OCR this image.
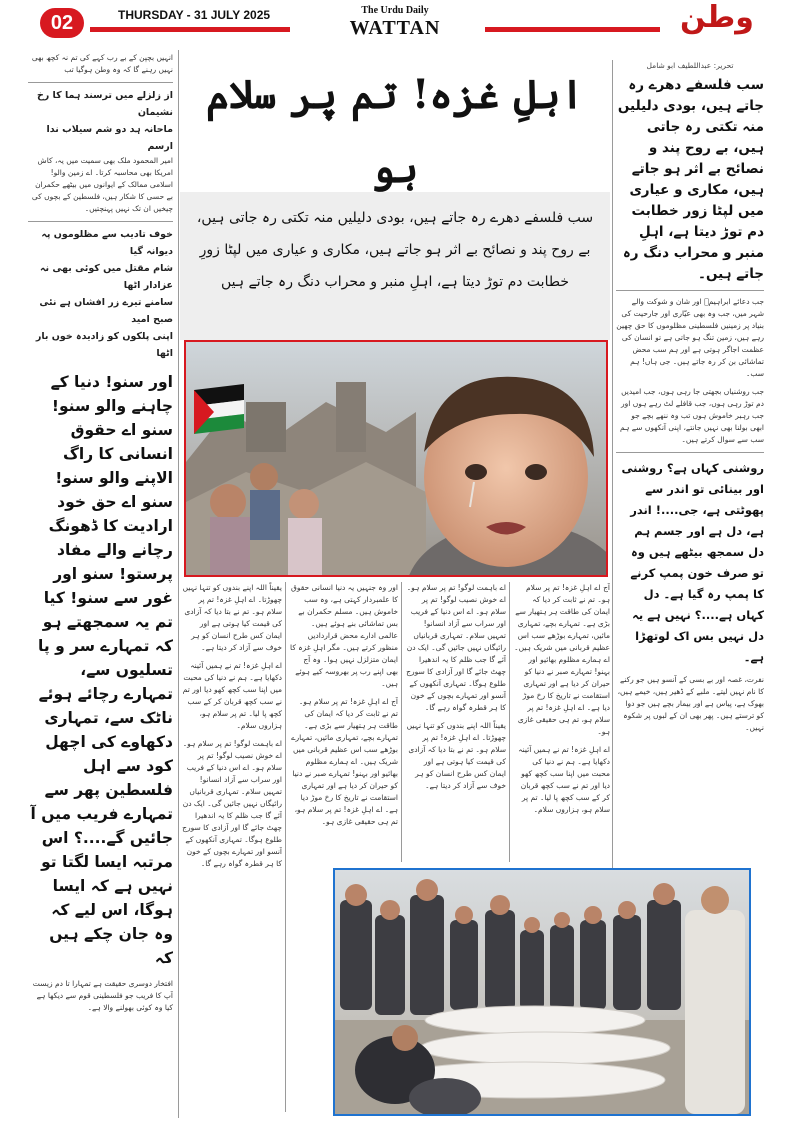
02	THURSDAY - 31 JULY 2025	The Urdu Daily
WATTAN	وطن
اہلِ غزہ! تم پر سلام ہو
سب فلسفے دھرے رہ جاتے ہیں، بودی دلیلیں منہ تکتی رہ جاتی ہیں، بے روح پند و نصائح بے اثر ہو جاتے ہیں، مکاری و عیاری میں لپٹا زورِ خطابت دم توڑ دیتا ہے، اہلِ منبر و محراب دنگ رہ جاتے ہیں
انہیں بچپن کے بے رب کہے کی تم نہ کچھ بھی نہیں رہنے گا کہ وہ وطن ہوگیا تب
از زلزلے میں ترسند ہما کا رخ نشیمان
ماحانہ ہد دو شم سیلاب ندا ارسم
امیر المحمود ملک بھی سمیت میں یہ، کاش امریکا بھی محاسبہ کرتا۔ اے زمین والو! اسلامی ممالک کے ایوانوں میں بیٹھے حکمران بے حسی کا شکار ہیں، فلسطین کے بچوں کی چیخیں ان تک نہیں پہنچتیں۔
خوف تادیب سے مظلوموں پہ دیوانہ گیا
شام مقتل میں کوئی بھی نہ عزادار اٹھا
سامنے تیرے زر افشاں ہے نئی صبح امید
اپنی پلکوں کو زادیدہ خوں بار اٹھا
اور سنو! دنیا کے چاہنے والو سنو! سنو اے حقوق انسانی کا راگ الاپنے والو سنو! سنو اے حق خود ارادیت کا ڈھونگ رچانے والے مفاد پرستو! سنو اور غور سے سنو! کیا تم یہ سمجھتے ہو کہ تمہارے سر و پا تسلیوں سے، تمہارے رچائے ہوئے ناٹک سے، تمہاری دکھاوے کی اچھل کود سے اہل فلسطین پھر سے تمہارے فریب میں آ جائیں گے....؟ اس مرتبہ ایسا لگتا تو نہیں ہے کہ ایسا ہوگا، اس لیے کہ وہ جان چکے ہیں کہ
افتخار دوسری حقیقت ہے تمہارا تا دم زیست آپ کا فریب جو فلسطینی قوم سے دیکھا ہے کیا وہ کوئی بھولنے والا ہے۔
تحریر: عبداللطیف ابو شامل
سب فلسفے دھرے رہ جاتے ہیں، بودی دلیلیں منہ تکتی رہ جاتی ہیں، بے روح پند و نصائح بے اثر ہو جاتے ہیں، مکاری و عیاری میں لپٹا زور خطابت دم توڑ دیتا ہے، اہلِ منبر و محراب دنگ رہ جاتے ہیں۔
جب دعائے ابراہیمؑ اور شان و شوکت والے شہر میں، جب وہ بھی عیّاری اور جارحیت کی بنیاد پر زمینیں فلسطینی مظلوموں کا حق چھین رہے ہیں، زمین تنگ ہو جاتی ہے تو انسان کی عظمت اجاگر ہوتی ہے اور ہم سب محض تماشائی بن کر رہ جاتے ہیں۔ جی ہاں! ہم سب۔
جب روشنیاں بجھتی جا رہی ہوں، جب امیدیں دم توڑ رہی ہوں، جب قافلے لٹ رہے ہوں اور جب رہبر خاموش ہوں تب وہ ننھے بچے جو ابھی بولنا بھی نہیں جانتے، اپنی آنکھوں سے ہم سب سے سوال کرتے ہیں۔
روشنی کہاں ہے؟ روشنی اور بینائی تو اندر سے پھوٹتی ہے، جی....! اندر ہے، دل ہے اور جسم ہم دل سمجھ بیٹھے ہیں وہ تو صرف خون پمپ کرنے کا پمپ رہ گیا ہے۔ دل کہاں ہے....؟ نہیں ہے یہ دل نہیں بس اک لوتھڑا ہے۔
نفرت، غصہ اور بے بسی کے آنسو ہیں جو رکنے کا نام نہیں لیتے۔ ملبے کے ڈھیر ہیں، خیمے ہیں، بھوک ہے، پیاس ہے اور بیمار بچے ہیں جو دوا کو ترستے ہیں۔ پھر بھی ان کے لبوں پر شکوہ نہیں۔
یقیناً اللہ اپنے بندوں کو تنہا نہیں چھوڑتا۔ اے اہلِ غزہ! تم پر سلام ہو۔ تم نے بتا دیا کہ آزادی کی قیمت کیا ہوتی ہے اور ایمان کس طرح انسان کو ہر خوف سے آزاد کر دیتا ہے۔
اے اہلِ غزہ! تم نے ہمیں آئینہ دکھایا ہے۔ ہم نے دنیا کی محبت میں اپنا سب کچھ کھو دیا اور تم نے سب کچھ قربان کر کے سب کچھ پا لیا۔ تم پر سلام ہو، ہزاروں سلام۔
اے باہمت لوگو! تم پر سلام ہو۔ اے خوش نصیب لوگو! تم پر سلام ہو۔ اے اس دنیا کے فریب اور سراب سے آزاد انسانو! تمہیں سلام۔ تمہاری قربانیاں رائیگاں نہیں جائیں گی۔ ایک دن آئے گا جب ظلم کا یہ اندھیرا چھٹ جائے گا اور آزادی کا سورج طلوع ہوگا۔ تمہاری آنکھوں کے آنسو اور تمہارے بچوں کے خون کا ہر قطرہ گواہ رہے گا۔
اور وہ جنہیں یہ دنیا انسانی حقوق کا علمبردار کہتی ہے، وہ سب خاموش ہیں۔ مسلم حکمران بے بس تماشائی بنے ہوئے ہیں۔ عالمی ادارے محض قراردادیں منظور کرتے ہیں۔ مگر اہلِ غزہ کا ایمان متزلزل نہیں ہوا۔ وہ آج بھی اپنے رب پر بھروسہ کیے ہوئے ہیں۔
آج اے اہلِ غزہ! تم پر سلام ہو۔ تم نے ثابت کر دیا کہ ایمان کی طاقت ہر ہتھیار سے بڑی ہے۔ تمہارے بچے، تمہاری مائیں، تمہارے بوڑھے سب اس عظیم قربانی میں شریک ہیں۔ اے ہمارے مظلوم بھائیو اور بہنو! تمہارے صبر نے دنیا کو حیران کر دیا ہے اور تمہاری استقامت نے تاریخ کا رخ موڑ دیا ہے۔ اے اہلِ غزہ! تم پر سلام ہو، تم ہی حقیقی غازی ہو۔
اے باہمت لوگو! تم پر سلام ہو۔ اے خوش نصیب لوگو! تم پر سلام ہو۔ اے اس دنیا کے فریب اور سراب سے آزاد انسانو! تمہیں سلام۔ تمہاری قربانیاں رائیگاں نہیں جائیں گی۔ ایک دن آئے گا جب ظلم کا یہ اندھیرا چھٹ جائے گا اور آزادی کا سورج طلوع ہوگا۔ تمہاری آنکھوں کے آنسو اور تمہارے بچوں کے خون کا ہر قطرہ گواہ رہے گا۔
یقیناً اللہ اپنے بندوں کو تنہا نہیں چھوڑتا۔ اے اہلِ غزہ! تم پر سلام ہو۔ تم نے بتا دیا کہ آزادی کی قیمت کیا ہوتی ہے اور ایمان کس طرح انسان کو ہر خوف سے آزاد کر دیتا ہے۔
آج اے اہلِ غزہ! تم پر سلام ہو۔ تم نے ثابت کر دیا کہ ایمان کی طاقت ہر ہتھیار سے بڑی ہے۔ تمہارے بچے، تمہاری مائیں، تمہارے بوڑھے سب اس عظیم قربانی میں شریک ہیں۔ اے ہمارے مظلوم بھائیو اور بہنو! تمہارے صبر نے دنیا کو حیران کر دیا ہے اور تمہاری استقامت نے تاریخ کا رخ موڑ دیا ہے۔ اے اہلِ غزہ! تم پر سلام ہو، تم ہی حقیقی غازی ہو۔
اے اہلِ غزہ! تم نے ہمیں آئینہ دکھایا ہے۔ ہم نے دنیا کی محبت میں اپنا سب کچھ کھو دیا اور تم نے سب کچھ قربان کر کے سب کچھ پا لیا۔ تم پر سلام ہو، ہزاروں سلام۔
